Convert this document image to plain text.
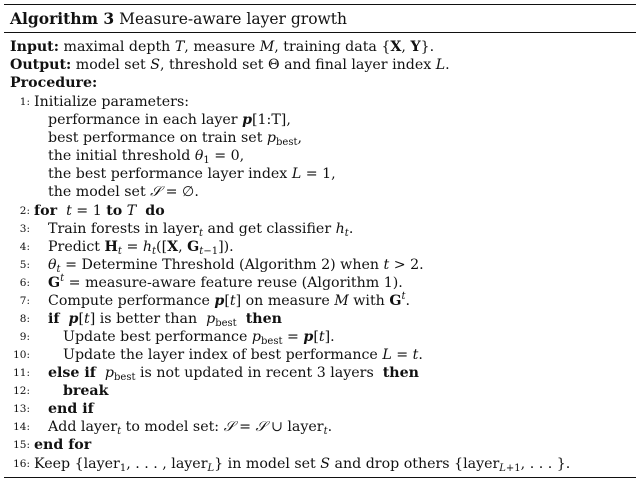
Algorithm 3 Measure-aware layer growth
Input: maximal depth T, measure M, training data {X, Y}.
Output: model set S, threshold set Θ and final layer index L.
Procedure:
1: Initialize parameters:
performance in each layer p[1:T],
best performance on train set $p_{best}$,
the initial threshold $\theta_1 = 0$,
the best performance layer index L = 1,
the model set 𝒮 = ∅.
2: for t = 1 to T do
3: Train forests in layer$_t$ and get classifier $h_t$.
4: Predict $H_t = h_t([X$, $G_{t-1}$]).
5: $\theta_t$ = Determine Threshold (Algorithm 2) when t > 2.
6: $G^t$ = measure-aware feature reuse (Algorithm 1).
7: Compute performance p[t] on measure M with $G^t$.
8: if p[t] is better than  $p_{best}$ then
9: Update best performance $p_{best} = p[t]$.
10: Update the layer index of best performance L = t.
11: else if $p_{best}$ is not updated in recent 3 layers  then
12: break
13: end if
14: Add layer$_t$ to model set: 𝒮 = 𝒮 ∪ layer$_t$.
15: end for
16: Keep {layer$_1$, . . . , layer$_L$} in model set S and drop others {layer$_{L+1}$, . . . }.
